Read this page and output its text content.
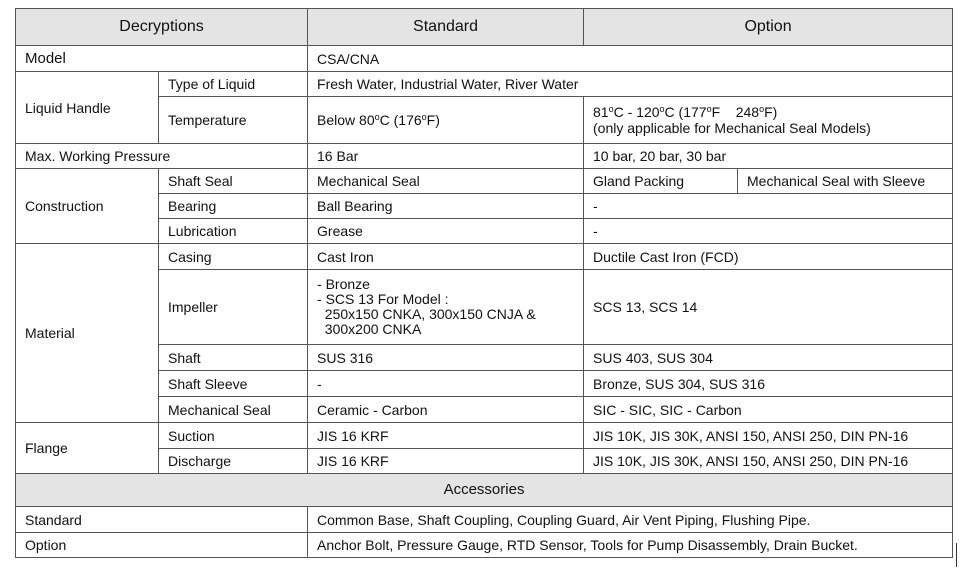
Decryptions		Standard	Option	
Model		CSA/CNA		
Liquid Handle	Type of Liquid	Fresh Water, Industrial Water, River Water		
	Temperature	Below 80$^o$C (176$^o$F)	81$^o$C - 120$^o$C (177$^o$F    248$^o$F)
(only applicable for Mechanical Seal Models)	

Max. Working Pressure		16 Bar	10 bar, 20 bar, 30 bar	
Construction	Shaft Seal	Mechanical Seal	Gland Packing	Mechanical Seal with Sleeve
	Bearing	Ball Bearing	-	
	Lubrication	Grease	-	
Material	Casing	Cast Iron	Ductile Cast Iron (FCD)	
	Impeller	- Bronze
- SCS 13 For Model :
250x150 CNKA, 300x150 CNJA &
300x200 CNKA	SCS 13, SCS 14	
	Shaft	SUS 316	SUS 403, SUS 304	
	Shaft Sleeve	-	Bronze, SUS 304, SUS 316	
	Mechanical Seal	Ceramic - Carbon	SIC - SIC, SIC - Carbon	
Flange	Suction	JIS 16 KRF	JIS 10K, JIS 30K, ANSI 150, ANSI 250, DIN PN-16	
	Discharge	JIS 16 KRF	JIS 10K, JIS 30K, ANSI 150, ANSI 250, DIN PN-16	
Accessories				
Standard		Common Base, Shaft Coupling, Coupling Guard, Air Vent Piping, Flushing Pipe.		
Option		Anchor Bolt, Pressure Gauge, RTD Sensor, Tools for Pump Disassembly, Drain Bucket.		
